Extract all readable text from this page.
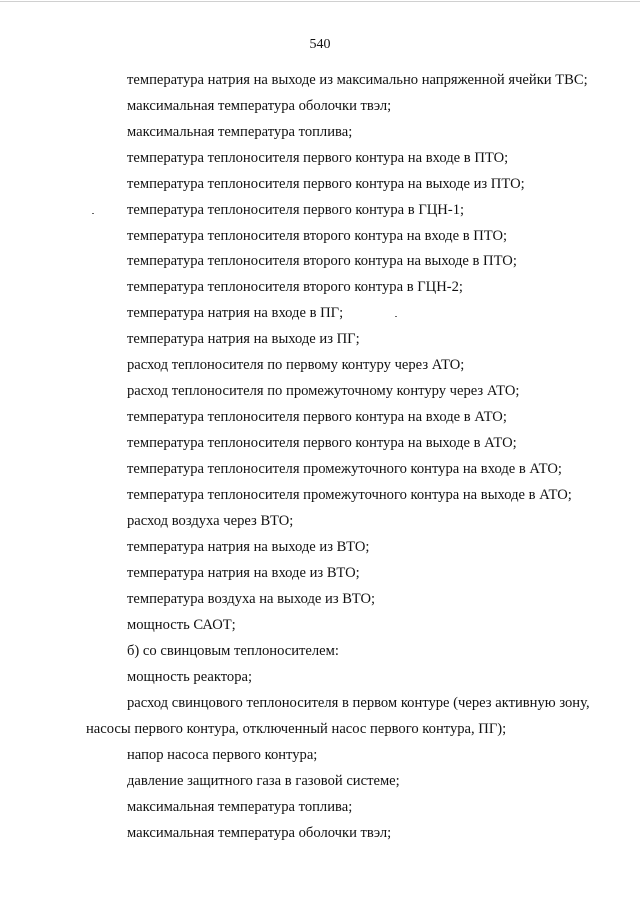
540
температура натрия на выходе из максимально напряженной ячейки ТВС;
максимальная температура оболочки твэл;
максимальная температура топлива;
температура теплоносителя первого контура на входе в ПТО;
температура теплоносителя первого контура на выходе из ПТО;
температура теплоносителя первого контура в ГЦН-1;
температура теплоносителя второго контура на входе в ПТО;
температура теплоносителя второго контура на выходе в ПТО;
температура теплоносителя второго контура в ГЦН-2;
температура натрия на входе в ПГ;
температура натрия на выходе из ПГ;
расход теплоносителя по первому контуру через АТО;
расход теплоносителя по промежуточному контуру через АТО;
температура теплоносителя первого контура на входе в АТО;
температура теплоносителя первого контура на выходе в АТО;
температура теплоносителя промежуточного контура на входе в АТО;
температура теплоносителя промежуточного контура на выходе в АТО;
расход воздуха через ВТО;
температура натрия на выходе из ВТО;
температура натрия на входе из ВТО;
температура воздуха на выходе из ВТО;
мощность САОТ;
б) со свинцовым теплоносителем:
мощность реактора;
расход свинцового теплоносителя в первом контуре (через активную зону,
насосы первого контура, отключенный насос первого контура, ПГ);
напор насоса первого контура;
давление защитного газа в газовой системе;
максимальная температура топлива;
максимальная температура оболочки твэл;
